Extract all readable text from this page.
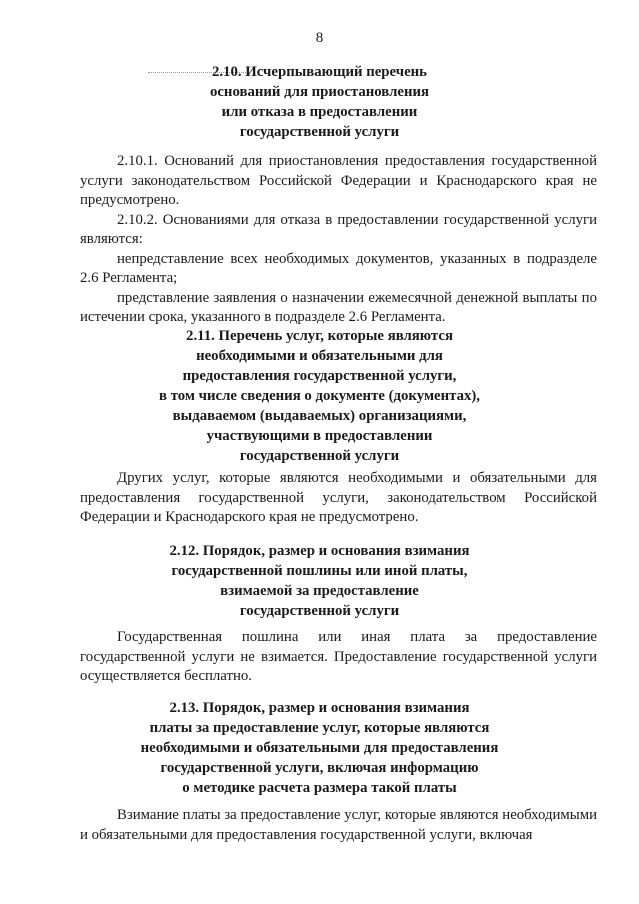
8
2.10. Исчерпывающий перечень
оснований для приостановления
или отказа в предоставлении
государственной услуги

2.10.1. Оснований для приостановления предоставления государственной услуги законодательством Российской Федерации и Краснодарского края не предусмотрено.

2.10.2. Основаниями для отказа в предоставлении государственной услуги являются:

непредставление всех необходимых документов, указанных в подразделе 2.6 Регламента;

представление заявления о назначении ежемесячной денежной выплаты по истечении срока, указанного в подразделе 2.6 Регламента.

2.11. Перечень услуг, которые являются
необходимыми и обязательными для
предоставления государственной услуги,
в том числе сведения о документе (документах),
выдаваемом (выдаваемых) организациями,
участвующими в предоставлении
государственной услуги

Других услуг, которые являются необходимыми и обязательными для предоставления государственной услуги, законодательством Российской Федерации и Краснодарского края не предусмотрено.

2.12. Порядок, размер и основания взимания
государственной пошлины или иной платы,
взимаемой за предоставление
государственной услуги

Государственная пошлина или иная плата за предоставление государственной услуги не взимается. Предоставление государственной услуги осуществляется бесплатно.

2.13. Порядок, размер и основания взимания
платы за предоставление услуг, которые являются
необходимыми и обязательными для предоставления
государственной услуги, включая информацию
о методике расчета размера такой платы

Взимание платы за предоставление услуг, которые являются необходимыми и обязательными для предоставления государственной услуги, включая
